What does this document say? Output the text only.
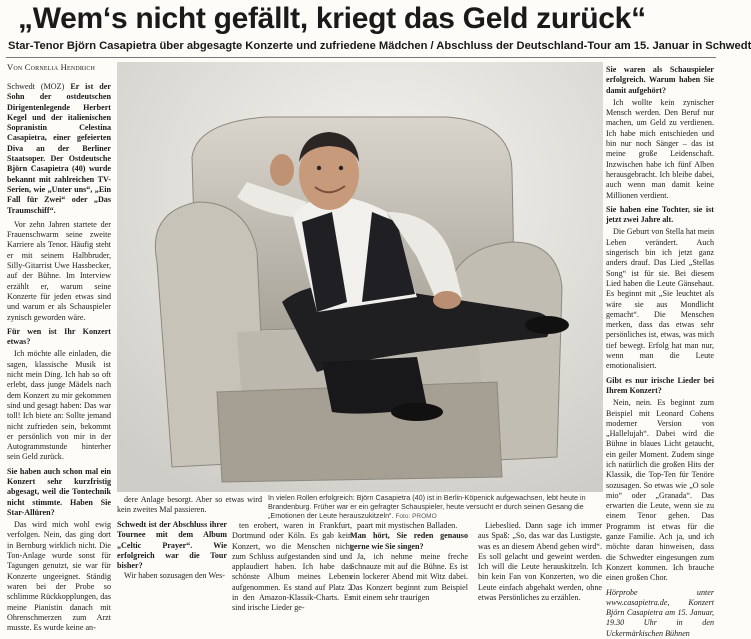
„Wem‘s nicht gefällt, kriegt das Geld zurück“
Star-Tenor Björn Casapietra über abgesagte Konzerte und zufriedene Mädchen / Abschluss der Deutschland-Tour am 15. Januar in Schwedt
Von Cornelia Hendrich

Schwedt (MOZ) Er ist der Sohn der ostdeutschen Dirigentenlegende Herbert Kegel und der italienischen Sopranistin Celestina Casapietra, einer gefeierten Diva an der Berliner Staatsoper. Der Ostdeutsche Björn Casapietra (40) wurde bekannt mit zahlreichen TV-Serien, wie „Unter uns“, „Ein Fall für Zwei“ oder „Das Traumschiff“.

Vor zehn Jahren startete der Frauenschwarm seine zweite Karriere als Tenor. Häufig steht er mit seinem Halbbruder, Silly-Gitarrist Uwe Hassbecker, auf der Bühne. Im Interview erzählt er, warum seine Konzerte für jeden etwas sind und warum er als Schauspieler zynisch geworden wäre.

Für wen ist Ihr Konzert etwas?

Ich möchte alle einladen, die sagen, klassische Musik ist nicht mein Ding. Ich hab so oft erlebt, dass junge Mädels nach dem Konzert zu mir gekommen sind und gesagt haben: Das war toll! Ich biete an: Sollte jemand nicht zufrieden sein, bekommt er persönlich von mir in der Autogrammstunde hinterher sein Geld zurück.

Sie haben auch schon mal ein Konzert sehr kurzfristig abgesagt, weil die Tontechnik nicht stimmte. Haben Sie Star-Allüren?

Das wird mich wohl ewig verfolgen. Nein, das ging dort in Bernburg wirklich nicht. Die Ton-Anlage wurde sonst für Tagungen genutzt, sie war für Konzerte ungeeignet. Ständig waren bei der Probe so schlimme Rückkopplungen, das meine Pianistin danach mit Ohrenschmerzen zum Arzt musste. Es wurde keine an-

In vielen Rollen erfolgreich: Björn Casapietra (40) ist in Berlin-Köpenick aufgewachsen, lebt heute in Brandenburg. Früher war er ein gefragter Schauspieler, heute versucht er durch seinen Gesang die „Emotionen der Leute herauszukitzeln“. Foto: PROMO

dere Anlage besorgt. Aber so etwas wird kein zweites Mal passieren.

Schwedt ist der Abschluss ihrer Tournee mit dem Album „Celtic Prayer“. Wie erfolgreich war die Tour bisher?

Wir haben sozusagen den Wes-

ten erobert, waren in Frankfurt, Dortmund oder Köln. Es gab kein Konzert, wo die Menschen nicht zum Schluss aufgestanden sind und applaudiert haben. Ich habe das schönste Album meines Lebens aufgenommen. Es stand auf Platz 2 in den Amazon-Klassik-Charts. Es sind irische Lieder ge-

paart mit mystischen Balladen.

Man hört, Sie reden genauso gerne wie Sie singen?

Ja, ich nehme meine freche Schnauze mit auf die Bühne. Es ist ein lockerer Abend mit Witz dabei. Das Konzert beginnt zum Beispiel mit einem sehr traurigen

Liebeslied. Dann sage ich immer aus Spaß: „So, das war das Lustigste, was es an diesem Abend geben wird“. Es soll gelacht und geweint werden. Ich will die Leute herauskitzeln. Ich bin kein Fan von Konzerten, wo die Leute einfach abgehakt werden, ohne etwas Persönliches zu erzählen.

Sie waren als Schauspieler erfolgreich. Warum haben Sie damit aufgehört?

Ich wollte kein zynischer Mensch werden. Den Beruf nur machen, um Geld zu verdienen. Ich habe mich entschieden und bin nur noch Sänger – das ist meine große Leidenschaft. Inzwischen habe ich fünf Alben herausgebracht. Ich bleibe dabei, auch wenn man damit keine Millionen verdient.

Sie haben eine Tochter, sie ist jetzt zwei Jahre alt.

Die Geburt von Stella hat mein Leben verändert. Auch singerisch bin ich jetzt ganz anders drauf. Das Lied „Stellas Song“ ist für sie. Bei diesem Lied haben die Leute Gänsehaut. Es beginnt mit „Sie leuchtet als wäre sie aus Mondlicht gemacht“. Die Menschen merken, dass das etwas sehr persönliches ist, etwas, was mich tief bewegt. Erfolg hat man nur, wenn man die Leute emotionalisiert.

Gibt es nur irische Lieder bei Ihrem Konzert?

Nein, nein. Es beginnt zum Beispiel mit Leonard Cohens moderner Version von „Hallelujah“. Dabei wird die Bühne in blaues Licht getaucht, ein geiler Moment. Zudem singe ich natürlich die großen Hits der Klassik, die Top-Ten für Tenöre sozusagen. So etwas wie „O sole mio“ oder „Granada“. Das erwarten die Leute, wenn sie zu einem Tenor gehen. Das Programm ist etwas für die ganze Familie. Ach ja, und ich möchte daran hinweisen, dass die Schwedter eingesungen zum Konzert kommen. Ich brauche einen großen Chor.

Hörprobe unter www.casapietra.de, Konzert Björn Casapietra am 15. Januar, 19.30 Uhr in den Uckermärkischen Bühnen
